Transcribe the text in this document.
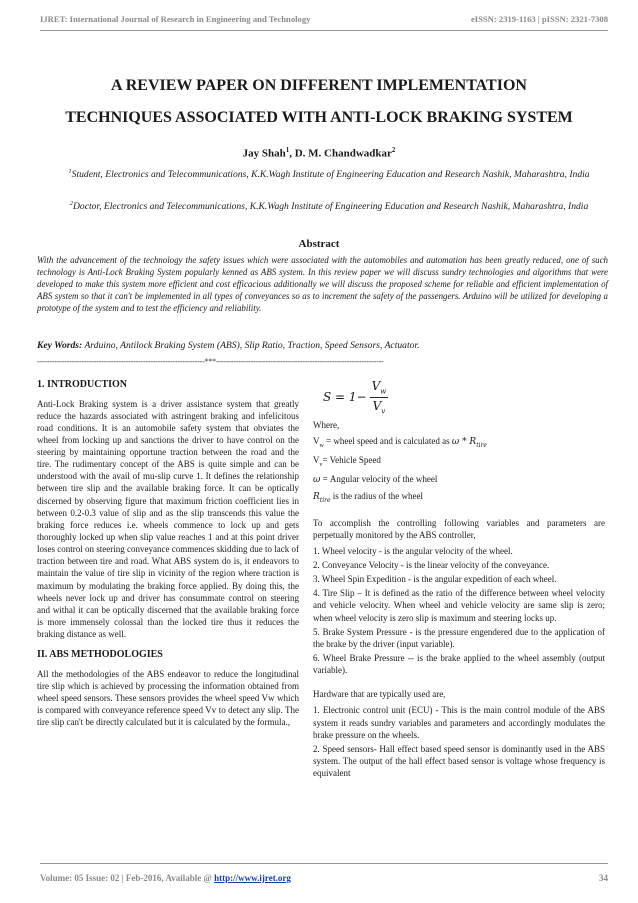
IJRET: International Journal of Research in Engineering and Technology	eISSN: 2319-1163 | pISSN: 2321-7308
A REVIEW PAPER ON DIFFERENT IMPLEMENTATION
TECHNIQUES ASSOCIATED WITH ANTI-LOCK BRAKING SYSTEM
Jay Shah$^1$, D. M. Chandwadkar$^2$
$^1$Student, Electronics and Telecommunications, K.K.Wagh Institute of Engineering Education and Research Nashik, Maharashtra, India
$^2$Doctor, Electronics and Telecommunications, K.K.Wagh Institute of Engineering Education and Research Nashik, Maharashtra, India
Abstract
With the advancement of the technology the safety issues which were associated with the automobiles and automation has been greatly reduced, one of such technology is Anti-Lock Braking System popularly kenned as ABS system. In this review paper we will discuss sundry technologies and algorithms that were developed to make this system more efficient and cost efficacious additionally we will discuss the proposed scheme for reliable and efficient implementation of ABS system so that it can't be implemented in all types of conveyances so as to increment the safety of the passengers. Arduino will be utilized for developing a prototype of the system and to test the efficiency and reliability.
Key Words: Arduino, Antilock Braking System (ABS), Slip Ratio, Traction, Speed Sensors, Actuator.
--------------------------------------------------------------------***--------------------------------------------------------------------
1. INTRODUCTION

Anti-Lock Braking system is a driver assistance system that greatly reduce the hazards associated with astringent braking and infelicitous road conditions. It is an automobile safety system that obviates the wheel from locking up and sanctions the driver to have control on the steering by maintaining opportune traction between the road and the tire. The rudimentary concept of the ABS is quite simple and can be understood with the avail of mu-slip curve 1. It defines the relationship between tire slip and the available braking force. It can be optically discerned by observing figure that maximum friction coefficient lies in between 0.2-0.3 value of slip and as the slip transcends this value the braking force reduces i.e. wheels commence to lock up and gets thoroughly locked up when slip value reaches 1 and at this point driver loses control on steering conveyance commences skidding due to lack of traction between tire and road. What ABS system do is, it endeavors to maintain the value of tire slip in vicinity of the region where traction is maximum by modulating the braking force applied. By doing this, the wheels never lock up and driver has consummate control on steering and withal it can be optically discerned that the available braking force is more immensely colossal than the locked tire thus it reduces the braking distance as well.

II. ABS METHODOLOGIES

All the methodologies of the ABS endeavor to reduce the longitudinal tire slip which is achieved by processing the information obtained from wheel speed sensors. These sensors provides the wheel speed Vw which is compared with conveyance reference speed Vv to detect any slip. The tire slip can't be directly calculated but it is calculated by the formula.,

$S = 1- \frac{V_w}{V_v}$

Where,

$V_w$ = wheel speed and is calculated as ω * $R_{tire}$

$V_v=$ Vehicle Speed

ω = Angular velocity of the wheel

$R_{tire}$ is the radius of the wheel

To accomplish the controlling following variables and parameters are perpetually monitored by the ABS controller,

1. Wheel velocity - is the angular velocity of the wheel.
2. Conveyance Velocity - is the linear velocity of the conveyance.
3. Wheel Spin Expedition - is the angular expedition of each wheel.
4. Tire Slip – It is defined as the ratio of the difference between wheel velocity and vehicle velocity. When wheel and vehicle velocity are same slip is zero; when wheel velocity is zero slip is maximum and steering locks up.
5. Brake System Pressure - is the pressure engendered due to the application of the brake by the driver (input variable).
6. Wheel Brake Pressure -- is the brake applied to the wheel assembly (output variable).

Hardware that are typically used are,

1. Electronic control unit (ECU) - This is the main control module of the ABS system it reads sundry variables and parameters and accordingly modulates the brake pressure on the wheels.
2. Speed sensors- Hall effect based speed sensor is dominantly used in the ABS system. The output of the hall effect based sensor is voltage whose frequency is equivalent
Volume: 05 Issue: 02 | Feb-2016, Available @ http://www.ijret.org	34
